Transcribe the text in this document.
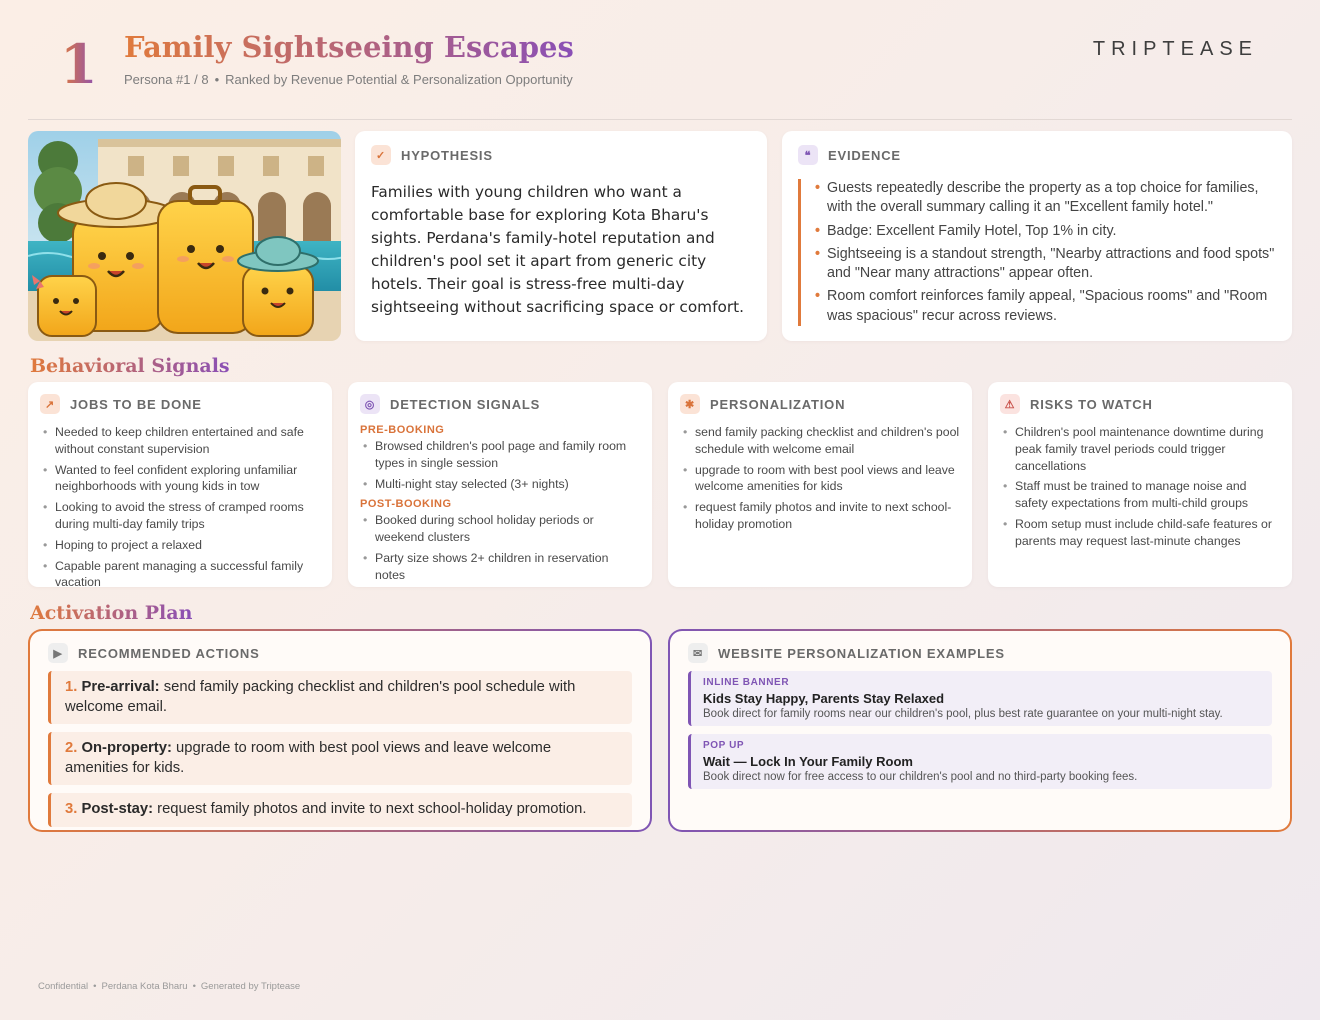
1 Family Sightseeing Escapes
Persona #1 / 8 • Ranked by Revenue Potential & Personalization Opportunity
TRIPTEASE
✓	HYPOTHESIS
Families with young children who want a comfortable base for exploring Kota Bharu's sights. Perdana's family-hotel reputation and children's pool set it apart from generic city hotels. Their goal is stress-free multi-day sightseeing without sacrificing space or comfort.
❝	EVIDENCE
• Guests repeatedly describe the property as a top choice for families, with the overall summary calling it an "Excellent family hotel."
• Badge: Excellent Family Hotel, Top 1% in city.
• Sightseeing is a standout strength, "Nearby attractions and food spots" and "Near many attractions" appear often.
• Room comfort reinforces family appeal, "Spacious rooms" and "Room was spacious" recur across reviews.
Behavioral Signals
↗	JOBS TO BE DONE
• Needed to keep children entertained and safe without constant supervision
• Wanted to feel confident exploring unfamiliar neighborhoods with young kids in tow
• Looking to avoid the stress of cramped rooms during multi-day family trips
• Hoping to project a relaxed
• Capable parent managing a successful family vacation
◎	DETECTION SIGNALS
PRE-BOOKING
• Browsed children's pool page and family room types in single session
• Multi-night stay selected (3+ nights)
POST-BOOKING
• Booked during school holiday periods or weekend clusters
• Party size shows 2+ children in reservation notes
✱	PERSONALIZATION
• send family packing checklist and children's pool schedule with welcome email
• upgrade to room with best pool views and leave welcome amenities for kids
• request family photos and invite to next school-holiday promotion
⚠	RISKS TO WATCH
• Children's pool maintenance downtime during peak family travel periods could trigger cancellations
• Staff must be trained to manage noise and safety expectations from multi-child groups
• Room setup must include child-safe features or parents may request last-minute changes
Activation Plan
▶	RECOMMENDED ACTIONS
1. Pre-arrival: send family packing checklist and children's pool schedule with welcome email.
2. On-property: upgrade to room with best pool views and leave welcome amenities for kids.
3. Post-stay: request family photos and invite to next school-holiday promotion.
✉	WEBSITE PERSONALIZATION EXAMPLES
INLINE BANNER
Kids Stay Happy, Parents Stay Relaxed
Book direct for family rooms near our children's pool, plus best rate guarantee on your multi-night stay.
POP UP
Wait — Lock In Your Family Room
Book direct now for free access to our children's pool and no third-party booking fees.
Confidential • Perdana Kota Bharu • Generated by Triptease
